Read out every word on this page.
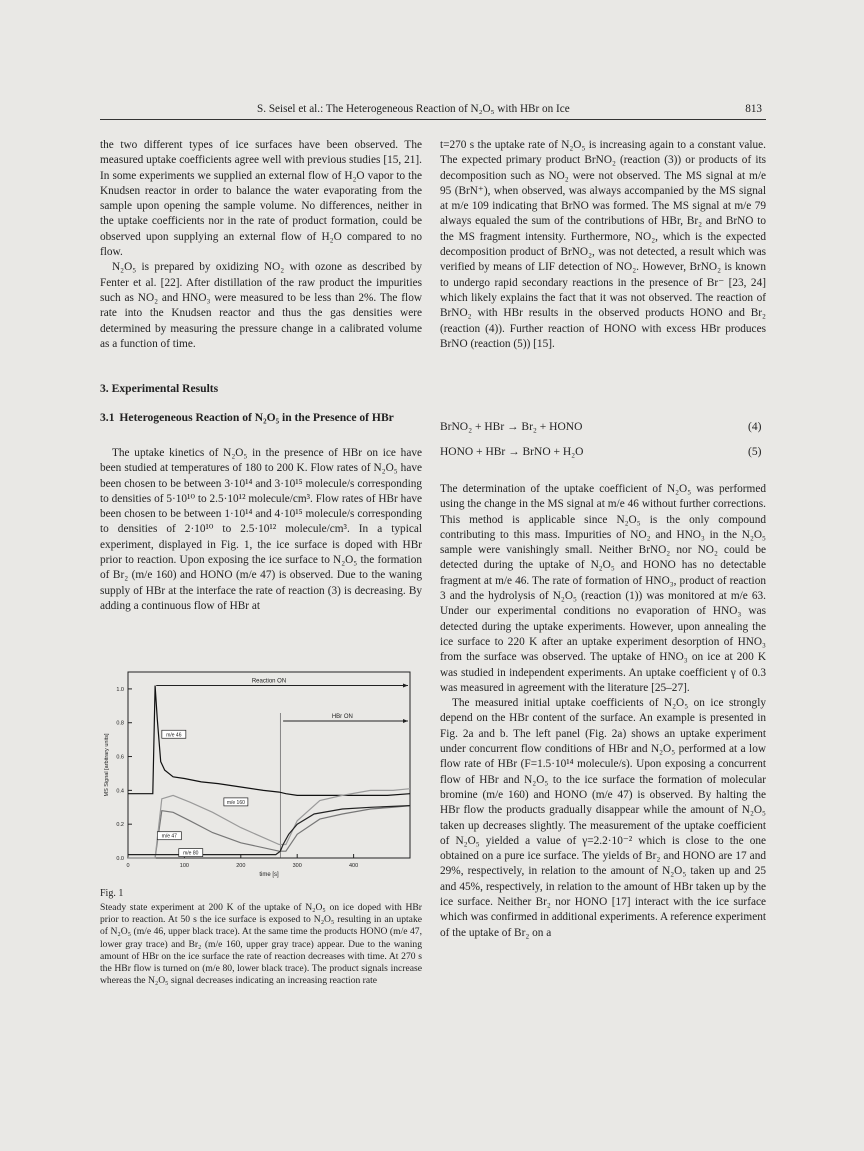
S. Seisel et al.: The Heterogeneous Reaction of N₂O₅ with HBr on Ice	813

the two different types of ice surfaces have been observed. The measured uptake coefficients agree well with previous studies [15, 21]. In some experiments we supplied an external flow of H₂O vapor to the Knudsen reactor in order to balance the water evaporating from the sample upon opening the sample volume. No differences, neither in the uptake coefficients nor in the rate of product formation, could be observed upon supplying an external flow of H₂O compared to no flow.

N₂O₅ is prepared by oxidizing NO₂ with ozone as described by Fenter et al. [22]. After distillation of the raw product the impurities such as NO₂ and HNO₃ were measured to be less than 2%. The flow rate into the Knudsen reactor and thus the gas densities were determined by measuring the pressure change in a calibrated volume as a function of time.

3. Experimental Results
3.1 Heterogeneous Reaction of N₂O₅ in the Presence of HBr

The uptake kinetics of N₂O₅ in the presence of HBr on ice have been studied at temperatures of 180 to 200 K. Flow rates of N₂O₅ have been chosen to be between 3·10¹⁴ and 3·10¹⁵ molecule/s corresponding to densities of 5·10¹⁰ to 2.5·10¹² molecule/cm³. Flow rates of HBr have been chosen to be between 1·10¹⁴ and 4·10¹⁵ molecule/s corresponding to densities of 2·10¹⁰ to 2.5·10¹² molecule/cm³. In a typical experiment, displayed in Fig. 1, the ice surface is doped with HBr prior to reaction. Upon exposing the ice surface to N₂O₅ the formation of Br₂ (m/e 160) and HONO (m/e 47) is observed. Due to the waning supply of HBr at the interface the rate of reaction (3) is decreasing. By adding a continuous flow of HBr at

0.0
0.2
0.4
0.6
0.8
1.0
0	100	200	300	400
time [s]
MS Signal [arbitrary units]
Reaction ON
HBr ON
m/e 46
m/e 47
m/e 160
m/e 80
Fig. 1
Steady state experiment at 200 K of the uptake of N₂O₅ on ice doped with HBr prior to reaction. At 50 s the ice surface is exposed to N₂O₅ resulting in an uptake of N₂O₅ (m/e 46, upper black trace). At the same time the products HONO (m/e 47, lower gray trace) and Br₂ (m/e 160, upper gray trace) appear. Due to the waning amount of HBr on the ice surface the rate of reaction decreases with time. At 270 s the HBr flow is turned on (m/e 80, lower black trace). The product signals increase whereas the N₂O₅ signal decreases indicating an increasing reaction rate

t=270 s the uptake rate of N₂O₅ is increasing again to a constant value. The expected primary product BrNO₂ (reaction (3)) or products of its decomposition such as NO₂ were not observed. The MS signal at m/e 95 (BrN⁺), when observed, was always accompanied by the MS signal at m/e 109 indicating that BrNO was formed. The MS signal at m/e 79 always equaled the sum of the contributions of HBr, Br₂ and BrNO to the MS fragment intensity. Furthermore, NO₂, which is the expected decomposition product of BrNO₂, was not detected, a result which was verified by means of LIF detection of NO₂. However, BrNO₂ is known to undergo rapid secondary reactions in the presence of Br⁻ [23, 24] which likely explains the fact that it was not observed. The reaction of BrNO₂ with HBr results in the observed products HONO and Br₂ (reaction (4)). Further reaction of HONO with excess HBr produces BrNO (reaction (5)) [15].

BrNO₂ + HBr → Br₂ + HONO	(4)
HONO + HBr → BrNO + H₂O	(5)

The determination of the uptake coefficient of N₂O₅ was performed using the change in the MS signal at m/e 46 without further corrections. This method is applicable since N₂O₅ is the only compound contributing to this mass. Impurities of NO₂ and HNO₃ in the N₂O₅ sample were vanishingly small. Neither BrNO₂ nor NO₂ could be detected during the uptake of N₂O₅ and HONO has no detectable fragment at m/e 46. The rate of formation of HNO₃, product of reaction 3 and the hydrolysis of N₂O₅ (reaction (1)) was monitored at m/e 63. Under our experimental conditions no evaporation of HNO₃ was detected during the uptake experiments. However, upon annealing the ice surface to 220 K after an uptake experiment desorption of HNO₃ from the surface was observed. The uptake of HNO₃ on ice at 200 K was studied in independent experiments. An uptake coefficient γ of 0.3 was measured in agreement with the literature [25–27].

The measured initial uptake coefficients of N₂O₅ on ice strongly depend on the HBr content of the surface. An example is presented in Fig. 2a and b. The left panel (Fig. 2a) shows an uptake experiment under concurrent flow conditions of HBr and N₂O₅ performed at a low flow rate of HBr (F=1.5·10¹⁴ molecule/s). Upon exposing a concurrent flow of HBr and N₂O₅ to the ice surface the formation of molecular bromine (m/e 160) and HONO (m/e 47) is observed. By halting the HBr flow the products gradually disappear while the amount of N₂O₅ taken up decreases slightly. The measurement of the uptake coefficient of N₂O₅ yielded a value of γ=2.2·10⁻² which is close to the one obtained on a pure ice surface. The yields of Br₂ and HONO are 17 and 29%, respectively, in relation to the amount of N₂O₅ taken up and 25 and 45%, respectively, in relation to the amount of HBr taken up by the ice surface. Neither Br₂ nor HONO [17] interact with the ice surface which was confirmed in additional experiments. A reference experiment of the uptake of Br₂ on a
